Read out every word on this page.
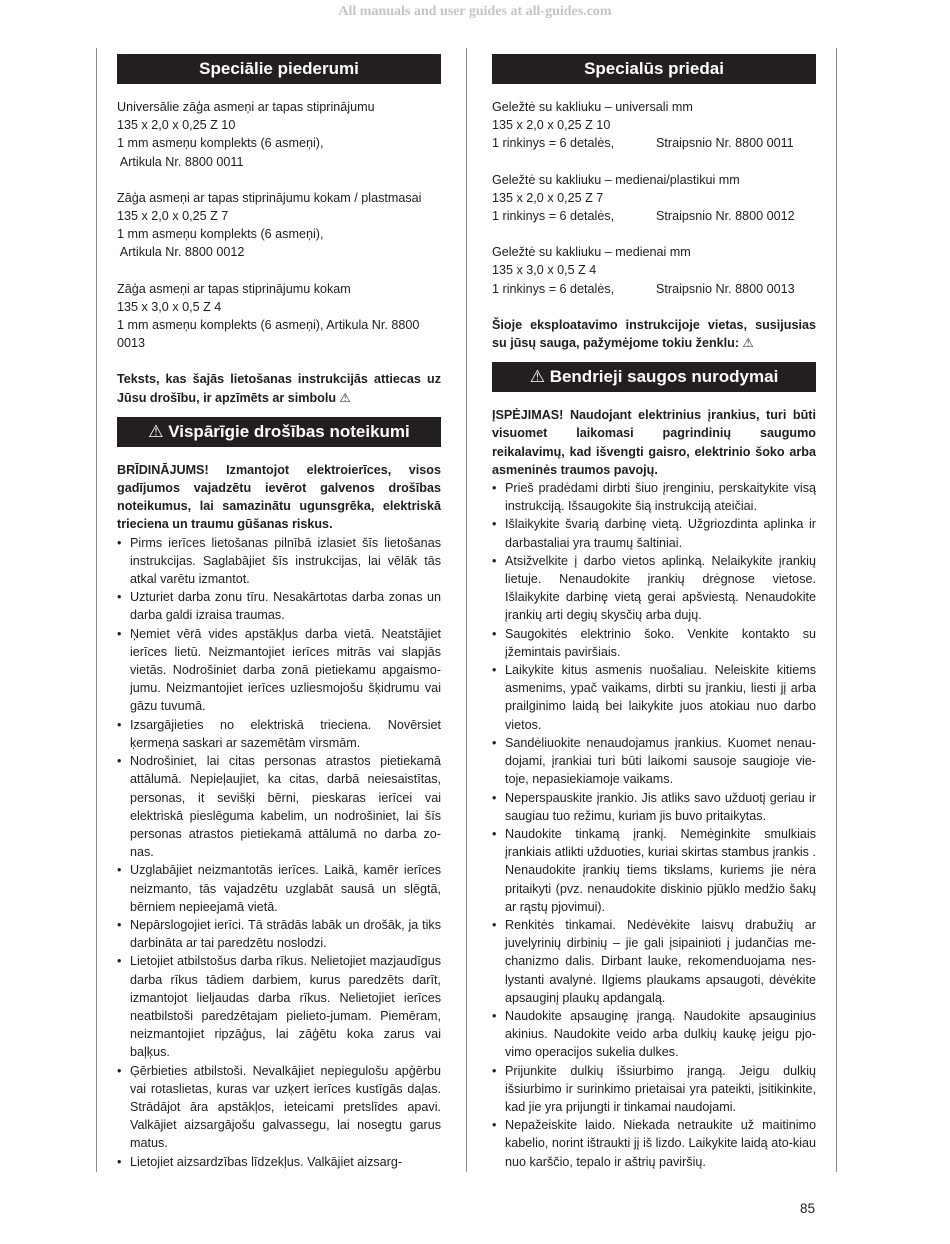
All manuals and user guides at all-guides.com
Speciālie piederumi

Universālie zāģa asmeņi ar tapas stiprinājumu

135 x 2,0 x 0,25 Z 10

1 mm asmeņu komplekts (6 asmeņi),

Artikula Nr. 8800 0011

Zāģa asmeņi ar tapas stiprinājumu kokam / plastmasai

135 x 2,0 x 0,25 Z 7

1 mm asmeņu komplekts (6 asmeņi),

Artikula Nr. 8800 0012

Zāģa asmeņi ar tapas stiprinājumu kokam

135 x 3,0 x 0,5 Z 4

1 mm asmeņu komplekts (6 asmeņi), Artikula Nr. 8800 0013

Teksts, kas šajās lietošanas instrukcijās attiecas uz Jūsu drošību, ir apzīmēts ar simbolu ⚠

⚠ Vispārīgie drošības noteikumi

BRĪDINĀJUMS! Izmantojot elektroierīces, visos gadījumos vajadzētu ievērot galvenos drošības noteikumus, lai samazinātu ugunsgrēka, elektriskā trieciena un traumu gūšanas riskus.

• Pirms ierīces lietošanas pilnībā izlasiet šīs lietošanas instrukcijas. Saglabājiet šīs instrukcijas, lai vēlāk tās atkal varētu izmantot.
• Uzturiet darba zonu tīru. Nesakārtotas darba zonas un darba galdi izraisa traumas.
• Ņemiet vērā vides apstākļus darba vietā. Neatstājiet ierīces lietū. Neizmantojiet ierīces mitrās vai slapjās vietās. Nodrošiniet darba zonā pietiekamu apgaismo-jumu. Neizmantojiet ierīces uzliesmojošu šķidrumu vai gāzu tuvumā.
• Izsargājieties no elektriskā trieciena. Novērsiet ķermeņa saskari ar sazemētām virsmām.
• Nodrošiniet, lai citas personas atrastos pietiekamā attālumā. Nepieļaujiet, ka citas, darbā neiesaistītas, personas, it sevišķi bērni, pieskaras ierīcei vai elektriskā pieslēguma kabelim, un nodrošiniet, lai šīs personas atrastos pietiekamā attālumā no darba zo-nas.
• Uzglabājiet neizmantotās ierīces. Laikā, kamēr ierīces neizmanto, tās vajadzētu uzglabāt sausā un slēgtā, bērniem nepieejamā vietā.
• Nepārslogojiet ierīci. Tā strādās labāk un drošāk, ja tiks darbināta ar tai paredzētu noslodzi.
• Lietojiet atbilstošus darba rīkus. Nelietojiet mazjaudīgus darba rīkus tādiem darbiem, kurus paredzēts darīt, izmantojot lieljaudas darba rīkus. Nelietojiet ierīces neatbilstoši paredzētajam pielieto-jumam. Piemēram, neizmantojiet ripzāģus, lai zāģētu koka zarus vai baļķus.
• Ģērbieties atbilstoši. Nevalkājiet nepiegulošu apģērbu vai rotaslietas, kuras var uzķert ierīces kustīgās daļas. Strādājot āra apstākļos, ieteicami pretslīdes apavi. Valkājiet aizsargājošu galvassegu, lai nosegtu garus matus.
• Lietojiet aizsardzības līdzekļus. Valkājiet aizsarg-
Specialūs priedai

Geležtė su kakliuku – universali mm

135 x 2,0 x 0,25 Z 10

1 rinkinys = 6 detalės,	Straipsnio Nr. 8800 0011

Geležtė su kakliuku – medienai/plastikui mm

135 x 2,0 x 0,25 Z 7

1 rinkinys = 6 detalės,	Straipsnio Nr. 8800 0012

Geležtė su kakliuku – medienai mm

135 x 3,0 x 0,5 Z 4

1 rinkinys = 6 detalės,	Straipsnio Nr. 8800 0013

Šioje eksploatavimo instrukcijoje vietas, susijusias su jūsų sauga, pažymėjome tokiu ženklu: ⚠

⚠ Bendrieji saugos nurodymai

ĮSPĖJIMAS! Naudojant elektrinius įrankius, turi būti visuomet laikomasi pagrindinių saugumo reikalavimų, kad išvengti gaisro, elektrinio šoko arba asmeninės traumos pavojų.

• Prieš pradėdami dirbti šiuo įrenginiu, perskaitykite visą instrukciją. Išsaugokite šią instrukciją ateičiai.
• Išlaikykite švarią darbinę vietą. Užgriozdinta aplinka ir darbastaliai yra traumų šaltiniai.
• Atsižvelkite į darbo vietos aplinką. Nelaikykite įrankių lietuje. Nenaudokite įrankių drėgnose vietose. Išlaikykite darbinę vietą gerai apšviestą. Nenaudokite įrankių arti degių skysčių arba dujų.
• Saugokitės elektrinio šoko. Venkite kontakto su įžemintais paviršiais.
• Laikykite kitus asmenis nuošaliau. Neleiskite kitiems asmenims, ypač vaikams, dirbti su įrankiu, liesti jį arba prailginimo laidą bei laikykite juos atokiau nuo darbo vietos.
• Sandėliuokite nenaudojamus įrankius. Kuomet nenau-dojami, įrankiai turi būti laikomi sausoje saugioje vie-toje, nepasiekiamoje vaikams.
• Neperspauskite įrankio. Jis atliks savo užduotį geriau ir saugiau tuo režimu, kuriam jis buvo pritaikytas.
• Naudokite tinkamą įrankį. Nemėginkite smulkiais įrankiais atlikti užduoties, kuriai skirtas stambus įrankis . Nenaudokite įrankių tiems tikslams, kuriems jie nėra pritaikyti (pvz. nenaudokite diskinio pjūklo medžio šakų ar rąstų pjovimui).
• Renkitės tinkamai. Nedėvėkite laisvų drabužių ar juvelyrinių dirbinių – jie gali įsipainioti į judančias me-chanizmo dalis. Dirbant lauke, rekomenduojama nes-lystanti avalynė. Ilgiems plaukams apsaugoti, dėvėkite apsauginį plaukų apdangalą.
• Naudokite apsauginę įrangą. Naudokite apsauginius akinius. Naudokite veido arba dulkių kaukę jeigu pjo-vimo operacijos sukelia dulkes.
• Prijunkite dulkių išsiurbimo įrangą. Jeigu dulkių išsiurbimo ir surinkimo prietaisai yra pateikti, įsitikinkite, kad jie yra prijungti ir tinkamai naudojami.
• Nepažeiskite laido. Niekada netraukite už maitinimo kabelio, norint ištraukti jį iš lizdo. Laikykite laidą ato-kiau nuo karščio, tepalo ir aštrių paviršių.
85
